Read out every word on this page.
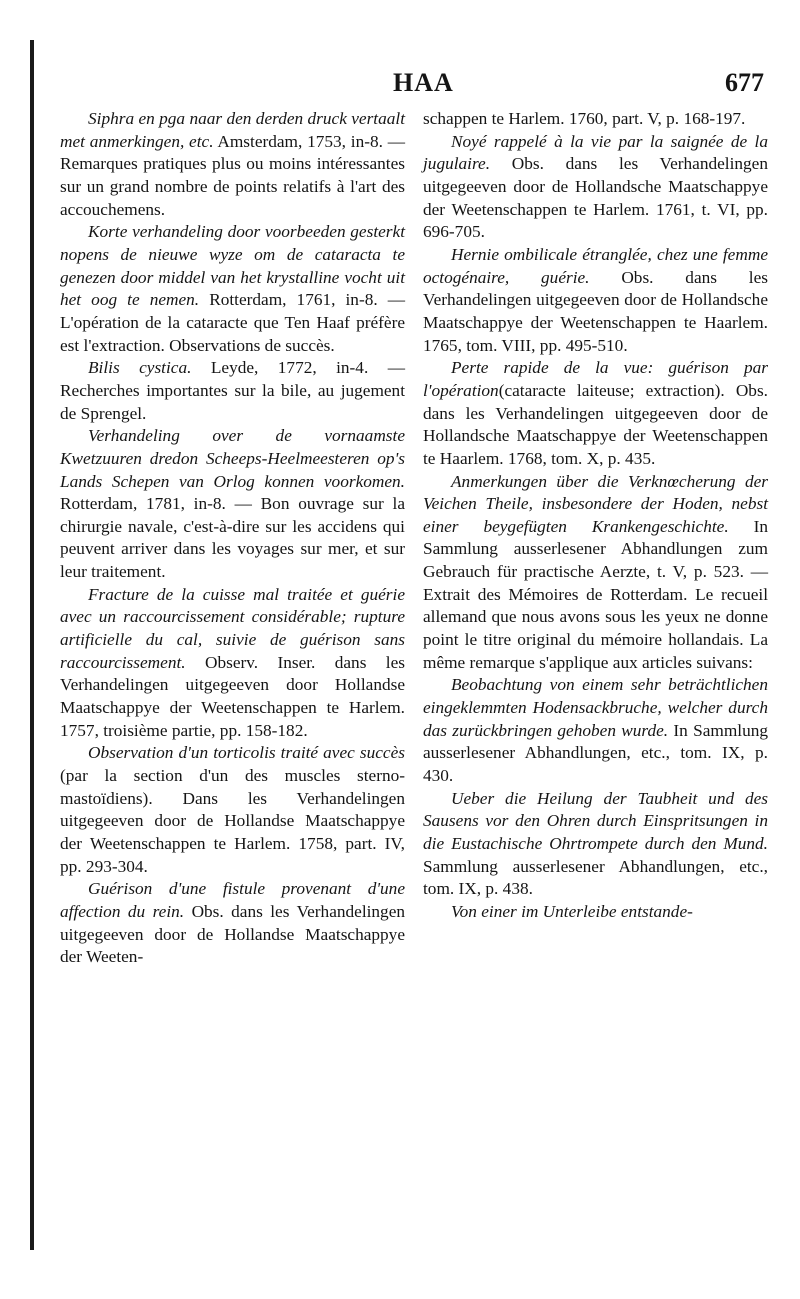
HAA	677

Siphra en pga naar den derden druck vertaalt met anmerkingen, etc. Amsterdam, 1753, in-8. — Remarques pratiques plus ou moins intéressantes sur un grand nombre de points relatifs à l'art des accouchemens.

Korte verhandeling door voorbeeden gesterkt nopens de nieuwe wyze om de cataracta te genezen door middel van het krystalline vocht uit het oog te nemen. Rotterdam, 1761, in-8. — L'opération de la cataracte que Ten Haaf préfère est l'extraction. Observations de succès.

Bilis cystica. Leyde, 1772, in-4. — Recherches importantes sur la bile, au jugement de Sprengel.

Verhandeling over de vornaamste Kwetzuuren dredon Scheeps-Heelmeesteren op's Lands Schepen van Orlog konnen voorkomen. Rotterdam, 1781, in-8. — Bon ouvrage sur la chirurgie navale, c'est-à-dire sur les accidens qui peuvent arriver dans les voyages sur mer, et sur leur traitement.

Fracture de la cuisse mal traitée et guérie avec un raccourcissement considérable; rupture artificielle du cal, suivie de guérison sans raccourcissement. Observ. Inser. dans les Verhandelingen uitgegeeven door Hollandse Maatschappye der Weetenschappen te Harlem. 1757, troisième partie, pp. 158-182.

Observation d'un torticolis traité avec succès (par la section d'un des muscles sterno-mastoïdiens). Dans les Verhandelingen uitgegeeven door de Hollandse Maatschappye der Weetenschappen te Harlem. 1758, part. IV, pp. 293-304.

Guérison d'une fistule provenant d'une affection du rein. Obs. dans les Verhandelingen uitgegeeven door de Hollandse Maatschappye der Weeten-

schappen te Harlem. 1760, part. V, p. 168-197.

Noyé rappelé à la vie par la saignée de la jugulaire. Obs. dans les Verhandelingen uitgegeeven door de Hollandsche Maatschappye der Weetenschappen te Harlem. 1761, t. VI, pp. 696-705.

Hernie ombilicale étranglée, chez une femme octogénaire, guérie. Obs. dans les Verhandelingen uitgegeeven door de Hollandsche Maatschappye der Weetenschappen te Haarlem. 1765, tom. VIII, pp. 495-510.

Perte rapide de la vue: guérison par l'opération(cataracte laiteuse; extraction). Obs. dans les Verhandelingen uitgegeeven door de Hollandsche Maatschappye der Weetenschappen te Haarlem. 1768, tom. X, p. 435.

Anmerkungen über die Verknœcherung der Veichen Theile, insbesondere der Hoden, nebst einer beygefügten Krankengeschichte. In Sammlung ausserlesener Abhandlungen zum Gebrauch für practische Aerzte, t. V, p. 523. — Extrait des Mémoires de Rotterdam. Le recueil allemand que nous avons sous les yeux ne donne point le titre original du mémoire hollandais. La même remarque s'applique aux articles suivans:

Beobachtung von einem sehr beträchtlichen eingeklemmten Hodensackbruche, welcher durch das zurückbringen gehoben wurde. In Sammlung ausserlesener Abhandlungen, etc., tom. IX, p. 430.

Ueber die Heilung der Taubheit und des Sausens vor den Ohren durch Einspritsungen in die Eustachische Ohrtrompete durch den Mund. Sammlung ausserlesener Abhandlungen, etc., tom. IX, p. 438.

Von einer im Unterleibe entstande-
